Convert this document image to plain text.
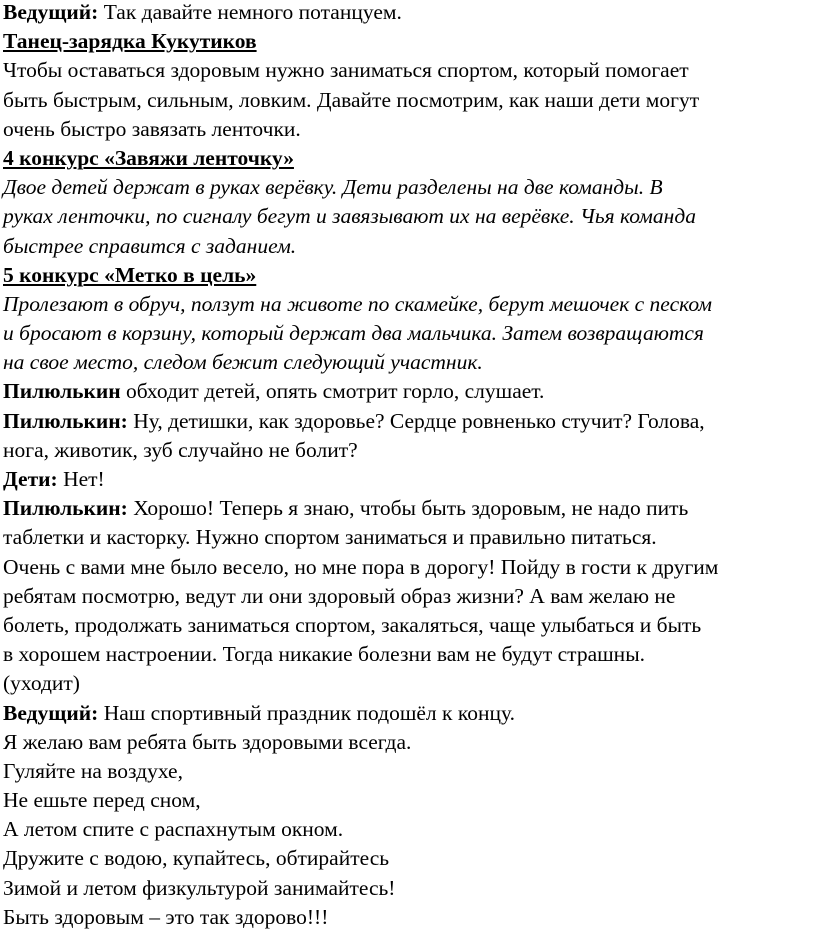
Ведущий: Так давайте немного потанцуем.
Танец-зарядка Кукутиков
Чтобы оставаться здоровым нужно заниматься спортом, который помогает
быть быстрым, сильным, ловким. Давайте посмотрим, как наши дети могут
очень быстро завязать ленточки.
4 конкурс «Завяжи ленточку»
Двое детей держат в руках верёвку. Дети разделены на две команды. В
руках ленточки, по сигналу бегут и завязывают их на верёвке. Чья команда
быстрее справится с заданием.
5 конкурс «Метко в цель»
Пролезают в обруч, ползут на животе по скамейке, берут мешочек с песком
и бросают в корзину, который держат два мальчика. Затем возвращаются
на свое место, следом бежит следующий участник.
Пилюлькин обходит детей, опять смотрит горло, слушает.
Пилюлькин: Ну, детишки, как здоровье? Сердце ровненько стучит? Голова,
нога, животик, зуб случайно не болит?
Дети: Нет!
Пилюлькин: Хорошо! Теперь я знаю, чтобы быть здоровым, не надо пить
таблетки и касторку. Нужно спортом заниматься и правильно питаться.
Очень с вами мне было весело, но мне пора в дорогу! Пойду в гости к другим
ребятам посмотрю, ведут ли они здоровый образ жизни? А вам желаю не
болеть, продолжать заниматься спортом, закаляться, чаще улыбаться и быть
в хорошем настроении. Тогда никакие болезни вам не будут страшны.
(уходит)
Ведущий: Наш спортивный праздник подошёл к концу.
Я желаю вам ребята быть здоровыми всегда.
Гуляйте на воздухе,
Не ешьте перед сном,
А летом спите с распахнутым окном.
Дружите с водою, купайтесь, обтирайтесь
Зимой и летом физкультурой занимайтесь!
Быть здоровым – это так здорово!!!
